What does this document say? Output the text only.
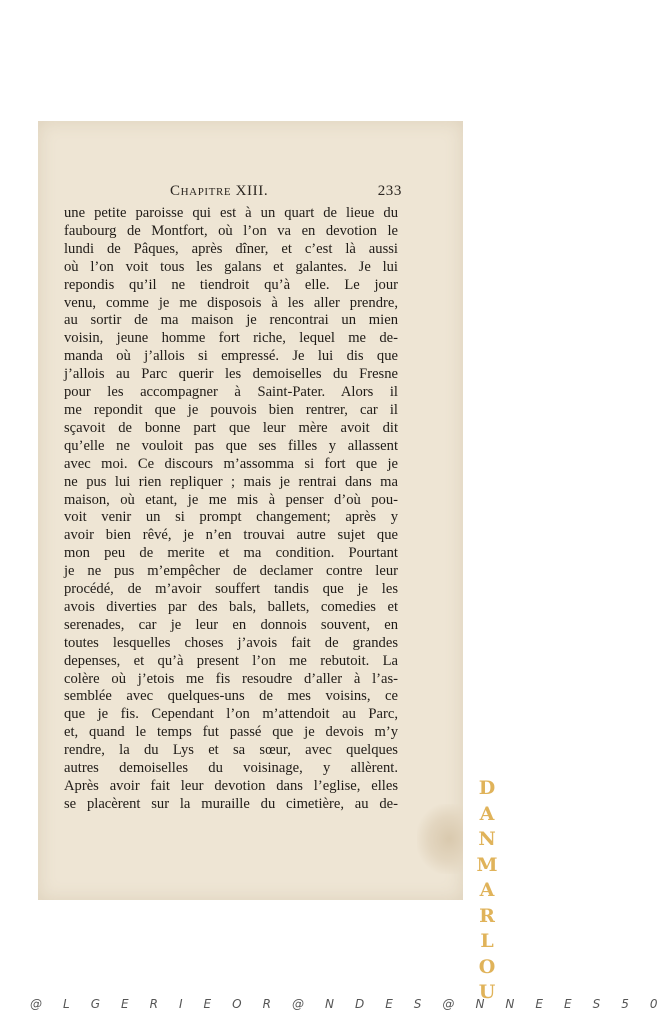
Chapitre XIII.	233
une petite paroisse qui est à un quart de lieue du
faubourg de Montfort, où l’on va en devotion le
lundi de Pâques, après dîner, et c’est là aussi
où l’on voit tous les galans et galantes. Je lui
repondis qu’il ne tiendroit qu’à elle. Le jour
venu, comme je me disposois à les aller prendre,
au sortir de ma maison je rencontrai un mien
voisin, jeune homme fort riche, lequel me de-
manda où j’allois si empressé. Je lui dis que
j’allois au Parc querir les demoiselles du Fresne
pour les accompagner à Saint-Pater. Alors il
me repondit que je pouvois bien rentrer, car il
sçavoit de bonne part que leur mère avoit dit
qu’elle ne vouloit pas que ses filles y allassent
avec moi. Ce discours m’assomma si fort que je
ne pus lui rien repliquer ; mais je rentrai dans ma
maison, où etant, je me mis à penser d’où pou-
voit venir un si prompt changement; après y
avoir bien rêvé, je n’en trouvai autre sujet que
mon peu de merite et ma condition. Pourtant
je ne pus m’empêcher de declamer contre leur
procédé, de m’avoir souffert tandis que je les
avois diverties par des bals, ballets, comedies et
serenades, car je leur en donnois souvent, en
toutes lesquelles choses j’avois fait de grandes
depenses, et qu’à present l’on me rebutoit. La
colère où j’etois me fis resoudre d’aller à l’as-
semblée avec quelques-uns de mes voisins, ce
que je fis. Cependant l’on m’attendoit au Parc,
et, quand le temps fut passé que je devois m’y
rendre, la du Lys et sa sœur, avec quelques
autres demoiselles du voisinage, y allèrent.
Après avoir fait leur devotion dans l’eglise, elles
se placèrent sur la muraille du cimetière, au de-
D
A
N
M
A
R
L
O
U
@ L G E R I E O R @ N D E S @ N N E E S 5 0
